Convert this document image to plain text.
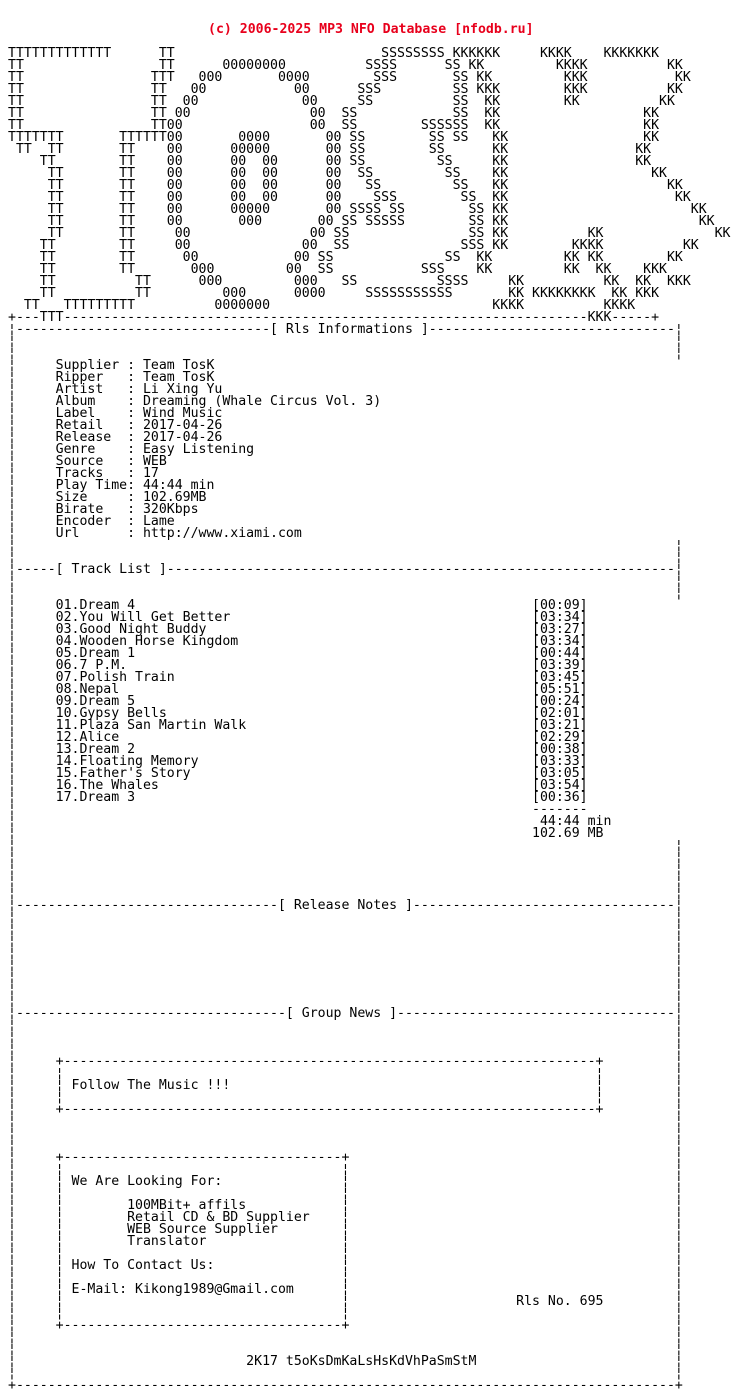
(c) 2006-2025 MP3 NFO Database [nfodb.ru]

TTTTTTTTTTTTT      TT                          SSSSSSSS KKKKKK     KKKK    KKKKKKK
TT                 TT      00000000          SSSS      SS KK         KKKK          KK
TT                TTT   000       0000        SSS       SS KK         KKK           KK
TT                TT   00           00      SSS         SS KKK        KKK          KK
TT                TT  00             00     SS          SS  KK        KK          KK
TT                TT 00               00  SS            SS  KK                  KK
TT                TT00                00  SS        SSSSSS  KK                  KK
TTTTTTT       TTTTTT00       0000       00 SS        SS SS   KK                 KK
TT  TT       TT    00      00000       00 SS        SS      KK                KK
TT        TT    00      00  00      00 SS         SS     KK                KK
TT       TT    00      00  00      00  SS         SS    KK                  KK
TT       TT    00      00  00      00   SS         SS   KK                    KK
TT       TT    00      00  00      00    SSS        SS  KK                     KK
TT       TT    00      00000       00 SSSS SS        SS KK                       KK
TT       TT    00       000       00 SS SSSSS        SS KK                        KK
TT       TT     00               00 SS               SS KK          KK              KK
TT        TT     00              00  SS              SSS KK        KKKK          KK
TT        TT      00            00 SS              SS  KK         KK KK        KK
TT        TT       000         00  SS           SSS    KK         KK  KK    KKK
TT          TT      000         000   SS          SSSS     KK          KK  KK  KKK
TT          TT         000      0000     SSSSSSSSSSS       KK KKKKKKKK  KK KKK
TT   TTTTTTTTT          0000000                            KKKK          KKKK
+---TTT------------------------------------------------------------------KKK-----+
¦--------------------------------[ Rls Informations ]-------------------------------¦
¦                                                                                   ¦
¦                                                                                   ¦
¦     Supplier : Team TosK
¦     Ripper   : Team TosK
¦     Artist   : Li Xing Yu
¦     Album    : Dreaming (Whale Circus Vol. 3)
¦     Label    : Wind Music
¦     Retail   : 2017-04-26
¦     Release  : 2017-04-26
¦     Genre    : Easy Listening
¦     Source   : WEB
¦     Tracks   : 17
¦     Play Time: 44:44 min
¦     Size     : 102.69MB
¦     Birate   : 320Kbps
¦     Encoder  : Lame
¦     Url      : http://www.xiami.com
¦                                                                                   ¦
¦                                                                                   ¦
¦-----[ Track List ]----------------------------------------------------------------¦
¦                                                                                   ¦
¦                                                                                   ¦
¦     01.Dream 4                                                  [00:09]
¦     02.You Will Get Better                                      [03:34]
¦     03.Good Night Buddy                                         [03:27]
¦     04.Wooden Horse Kingdom                                     [03:34]
¦     05.Dream 1                                                  [00:44]
¦     06.7 P.M.                                                   [03:39]
¦     07.Polish Train                                             [03:45]
¦     08.Nepal                                                    [05:51]
¦     09.Dream 5                                                  [00:24]
¦     10.Gypsy Bells                                              [02:01]
¦     11.Plaza San Martin Walk                                    [03:21]
¦     12.Alice                                                    [02:29]
¦     13.Dream 2                                                  [00:38]
¦     14.Floating Memory                                          [03:33]
¦     15.Father's Story                                           [03:05]
¦     16.The Whales                                               [03:54]
¦     17.Dream 3                                                  [00:36]
¦                                                                 -------
¦                                                                  44:44 min
¦                                                                 102.69 MB
¦                                                                                   ¦
¦                                                                                   ¦
¦                                                                                   ¦
¦                                                                                   ¦
¦                                                                                   ¦
¦---------------------------------[ Release Notes ]---------------------------------¦
¦                                                                                   ¦
¦                                                                                   ¦
¦                                                                                   ¦
¦                                                                                   ¦
¦                                                                                   ¦
¦                                                                                   ¦
¦                                                                                   ¦
¦                                                                                   ¦
¦----------------------------------[ Group News ]-----------------------------------¦
¦                                                                                   ¦
¦                                                                                   ¦
¦                                                                                   ¦
¦     +-------------------------------------------------------------------+         ¦
¦     ¦                                                                   ¦         ¦
¦     ¦ Follow The Music !!!                                              ¦         ¦
¦     ¦                                                                   ¦         ¦
¦     +-------------------------------------------------------------------+         ¦
¦                                                                                   ¦
¦                                                                                   ¦
¦                                                                                   ¦
¦     +-----------------------------------+                                         ¦
¦     ¦                                   ¦                                         ¦
¦     ¦ We Are Looking For:               ¦                                         ¦
¦     ¦                                   ¦                                         ¦
¦     ¦        100MBit+ affils            ¦                                         ¦
¦     ¦        Retail CD & BD Supplier    ¦                                         ¦
¦     ¦        WEB Source Supplier        ¦                                         ¦
¦     ¦        Translator                 ¦                                         ¦
¦     ¦                                   ¦                                         ¦
¦     ¦ How To Contact Us:                ¦                                         ¦
¦     ¦                                   ¦                                         ¦
¦     ¦ E-Mail: Kikong1989@Gmail.com      ¦                                         ¦
¦     ¦                                   ¦                     Rls No. 695         ¦
¦     ¦                                   ¦                                         ¦
¦     +-----------------------------------+                                         ¦
¦                                                                                   ¦
¦                                                                                   ¦
¦                             2K17 t5oKsDmKaLsHsKdVhPaSmStM                         ¦
¦                                                                                   ¦
+-----------------------------------------------------------------------------------+
